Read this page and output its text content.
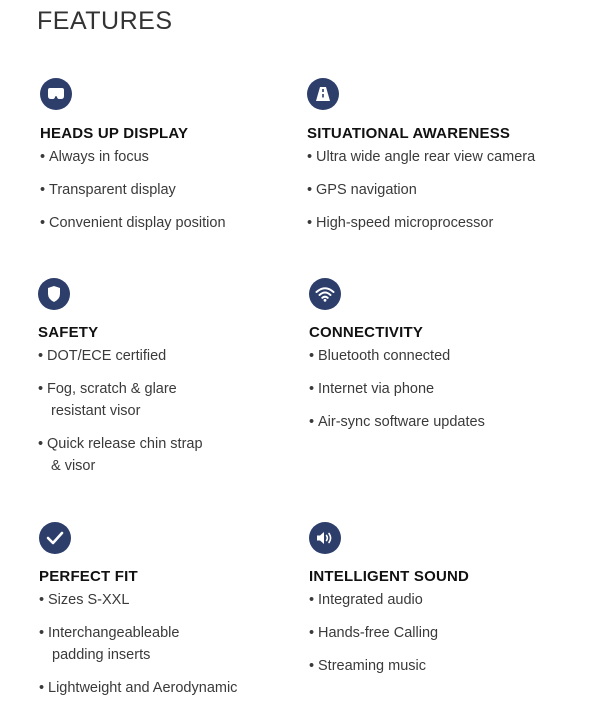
FEATURES
HEADS UP DISPLAY
• Always in focus
• Transparent display
• Convenient display position
SITUATIONAL AWARENESS
• Ultra wide angle rear view camera
• GPS navigation
• High-speed microprocessor
SAFETY
• DOT/ECE certified
• Fog, scratch & glare
resistant visor
• Quick release chin strap
& visor
CONNECTIVITY
• Bluetooth connected
• Internet via phone
• Air-sync software updates
PERFECT FIT
• Sizes S-XXL
• Interchangeableable
padding inserts
• Lightweight and Aerodynamic
INTELLIGENT SOUND
• Integrated audio
• Hands-free Calling
• Streaming music
